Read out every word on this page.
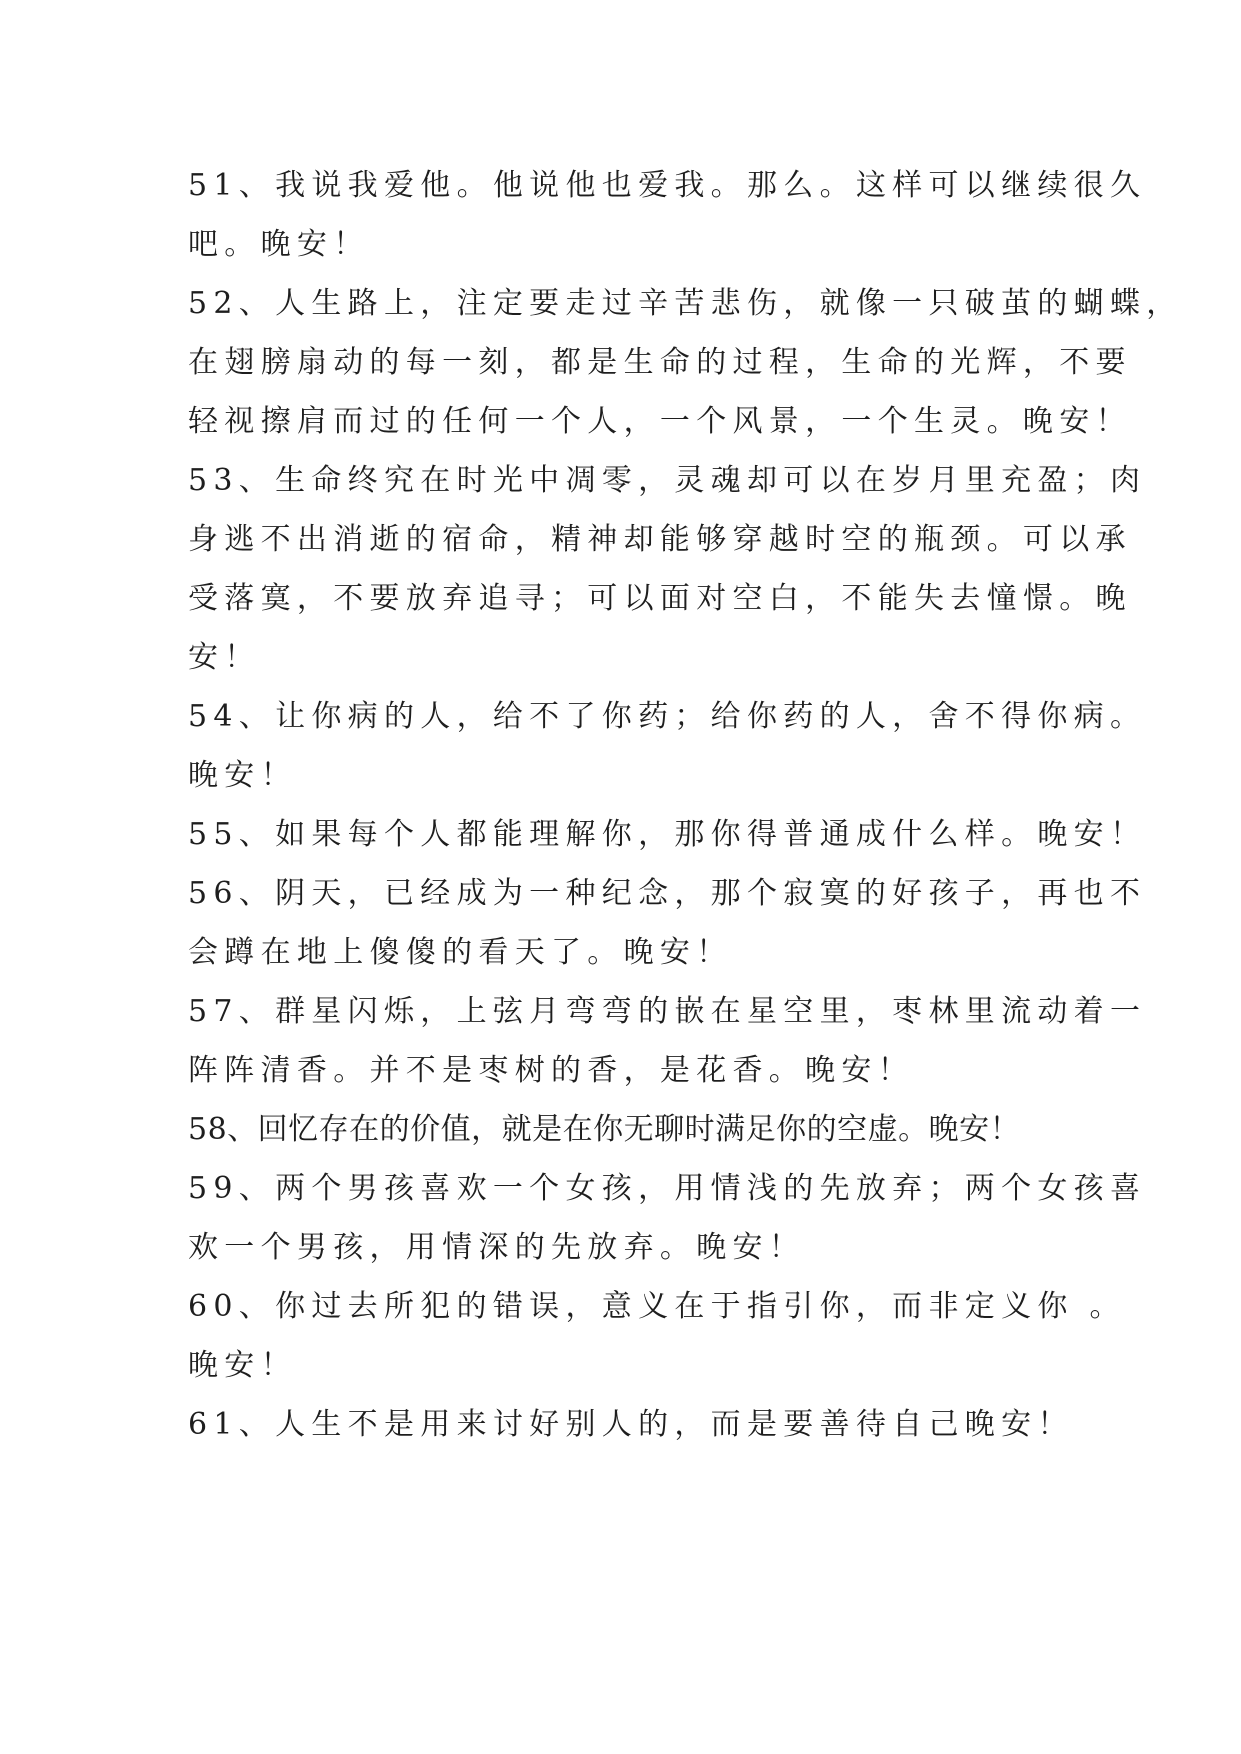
51、我说我爱他。他说他也爱我。那么。这样可以继续很久
吧。晚安！
52、人生路上，注定要走过辛苦悲伤，就像一只破茧的蝴蝶，
在翅膀扇动的每一刻，都是生命的过程，生命的光辉，不要
轻视擦肩而过的任何一个人，一个风景，一个生灵。晚安！
53、生命终究在时光中凋零，灵魂却可以在岁月里充盈；肉
身逃不出消逝的宿命，精神却能够穿越时空的瓶颈。可以承
受落寞，不要放弃追寻；可以面对空白，不能失去憧憬。晚
安！
54、让你病的人，给不了你药；给你药的人，舍不得你病。
晚安！
55、如果每个人都能理解你，那你得普通成什么样。晚安！
56、阴天，已经成为一种纪念，那个寂寞的好孩子，再也不
会蹲在地上傻傻的看天了。晚安！
57、群星闪烁，上弦月弯弯的嵌在星空里，枣林里流动着一
阵阵清香。并不是枣树的香，是花香。晚安！
58、回忆存在的价值，就是在你无聊时满足你的空虚。晚安！
59、两个男孩喜欢一个女孩，用情浅的先放弃；两个女孩喜
欢一个男孩，用情深的先放弃。晚安！
60、你过去所犯的错误，意义在于指引你，而非定义你 。
晚安！
61、人生不是用来讨好别人的，而是要善待自己晚安！
